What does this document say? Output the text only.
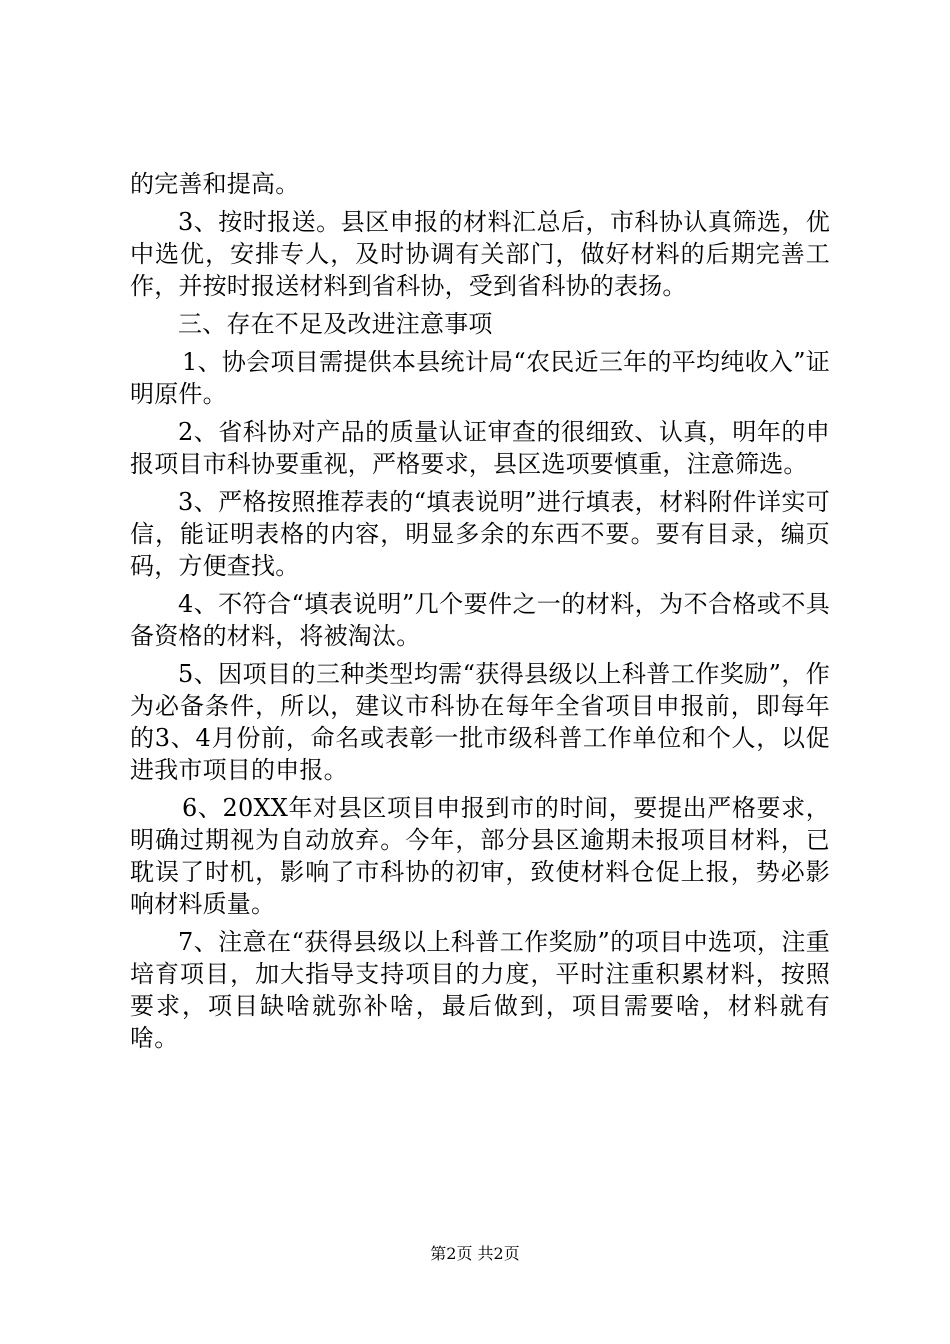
的完善和提高。

3、按时报送。县区申报的材料汇总后，市科协认真筛选，优中选优，安排专人，及时协调有关部门，做好材料的后期完善工作，并按时报送材料到省科协，受到省科协的表扬。

三、存在不足及改进注意事项

1、协会项目需提供本县统计局“农民近三年的平均纯收入”证明原件。

2、省科协对产品的质量认证审查的很细致、认真，明年的申报项目市科协要重视，严格要求，县区选项要慎重，注意筛选。

3、严格按照推荐表的“填表说明”进行填表，材料附件详实可信，能证明表格的内容，明显多余的东西不要。要有目录，编页码，方便查找。

4、不符合“填表说明”几个要件之一的材料，为不合格或不具备资格的材料，将被淘汰。

5、因项目的三种类型均需“获得县级以上科普工作奖励”，作为必备条件，所以，建议市科协在每年全省项目申报前，即每年的3、4月份前，命名或表彰一批市级科普工作单位和个人，以促进我市项目的申报。

6、20XX年对县区项目申报到市的时间，要提出严格要求，明确过期视为自动放弃。今年，部分县区逾期未报项目材料，已耽误了时机，影响了市科协的初审，致使材料仓促上报，势必影响材料质量。

7、注意在“获得县级以上科普工作奖励”的项目中选项，注重培育项目，加大指导支持项目的力度，平时注重积累材料，按照要求，项目缺啥就弥补啥，最后做到，项目需要啥，材料就有啥。

第2页 共2页
